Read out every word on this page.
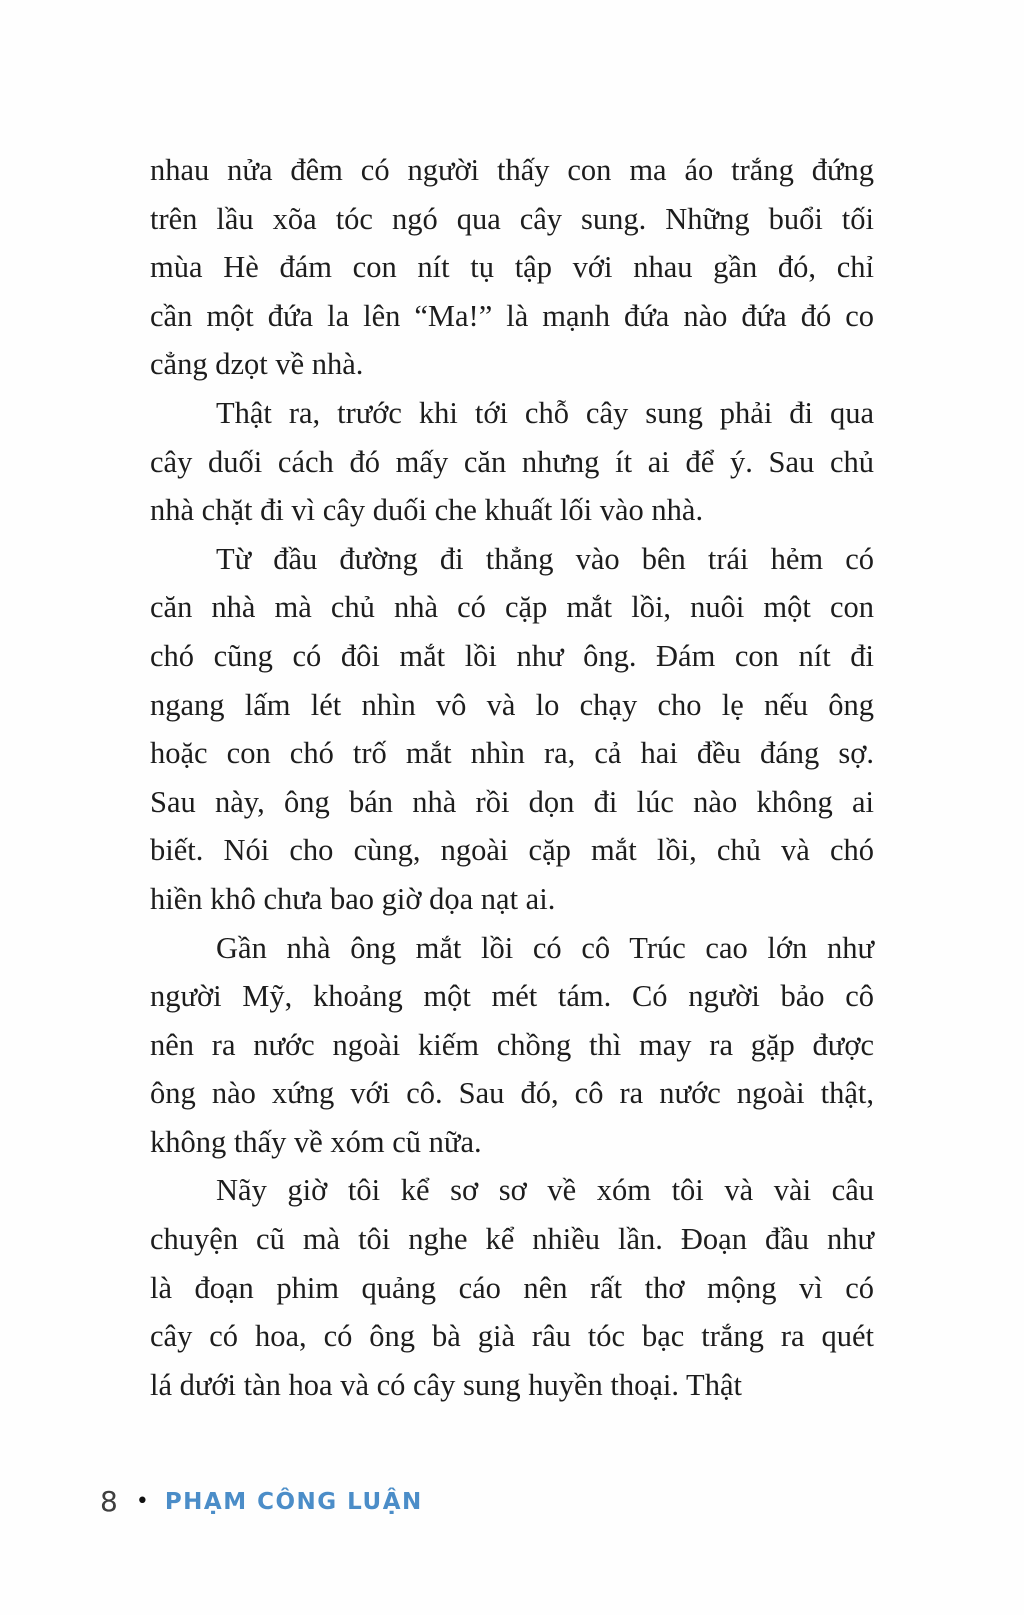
nhau nửa đêm có người thấy con ma áo trắng đứng
trên lầu xõa tóc ngó qua cây sung. Những buổi tối
mùa Hè đám con nít tụ tập với nhau gần đó, chỉ
cần một đứa la lên “Ma!” là mạnh đứa nào đứa đó co
cẳng dzọt về nhà.
Thật ra, trước khi tới chỗ cây sung phải đi qua
cây duối cách đó mấy căn nhưng ít ai để ý. Sau chủ
nhà chặt đi vì cây duối che khuất lối vào nhà.
Từ đầu đường đi thẳng vào bên trái hẻm có
căn nhà mà chủ nhà có cặp mắt lồi, nuôi một con
chó cũng có đôi mắt lồi như ông. Đám con nít đi
ngang lấm lét nhìn vô và lo chạy cho lẹ nếu ông
hoặc con chó trố mắt nhìn ra, cả hai đều đáng sợ.
Sau này, ông bán nhà rồi dọn đi lúc nào không ai
biết. Nói cho cùng, ngoài cặp mắt lồi, chủ và chó
hiền khô chưa bao giờ dọa nạt ai.
Gần nhà ông mắt lồi có cô Trúc cao lớn như
người Mỹ, khoảng một mét tám. Có người bảo cô
nên ra nước ngoài kiếm chồng thì may ra gặp được
ông nào xứng với cô. Sau đó, cô ra nước ngoài thật,
không thấy về xóm cũ nữa.
Nãy giờ tôi kể sơ sơ về xóm tôi và vài câu
chuyện cũ mà tôi nghe kể nhiều lần. Đoạn đầu như
là đoạn phim quảng cáo nên rất thơ mộng vì có
cây có hoa, có ông bà già râu tóc bạc trắng ra quét
lá dưới tàn hoa và có cây sung huyền thoại. Thật
8 • PHẠM CÔNG LUẬN
